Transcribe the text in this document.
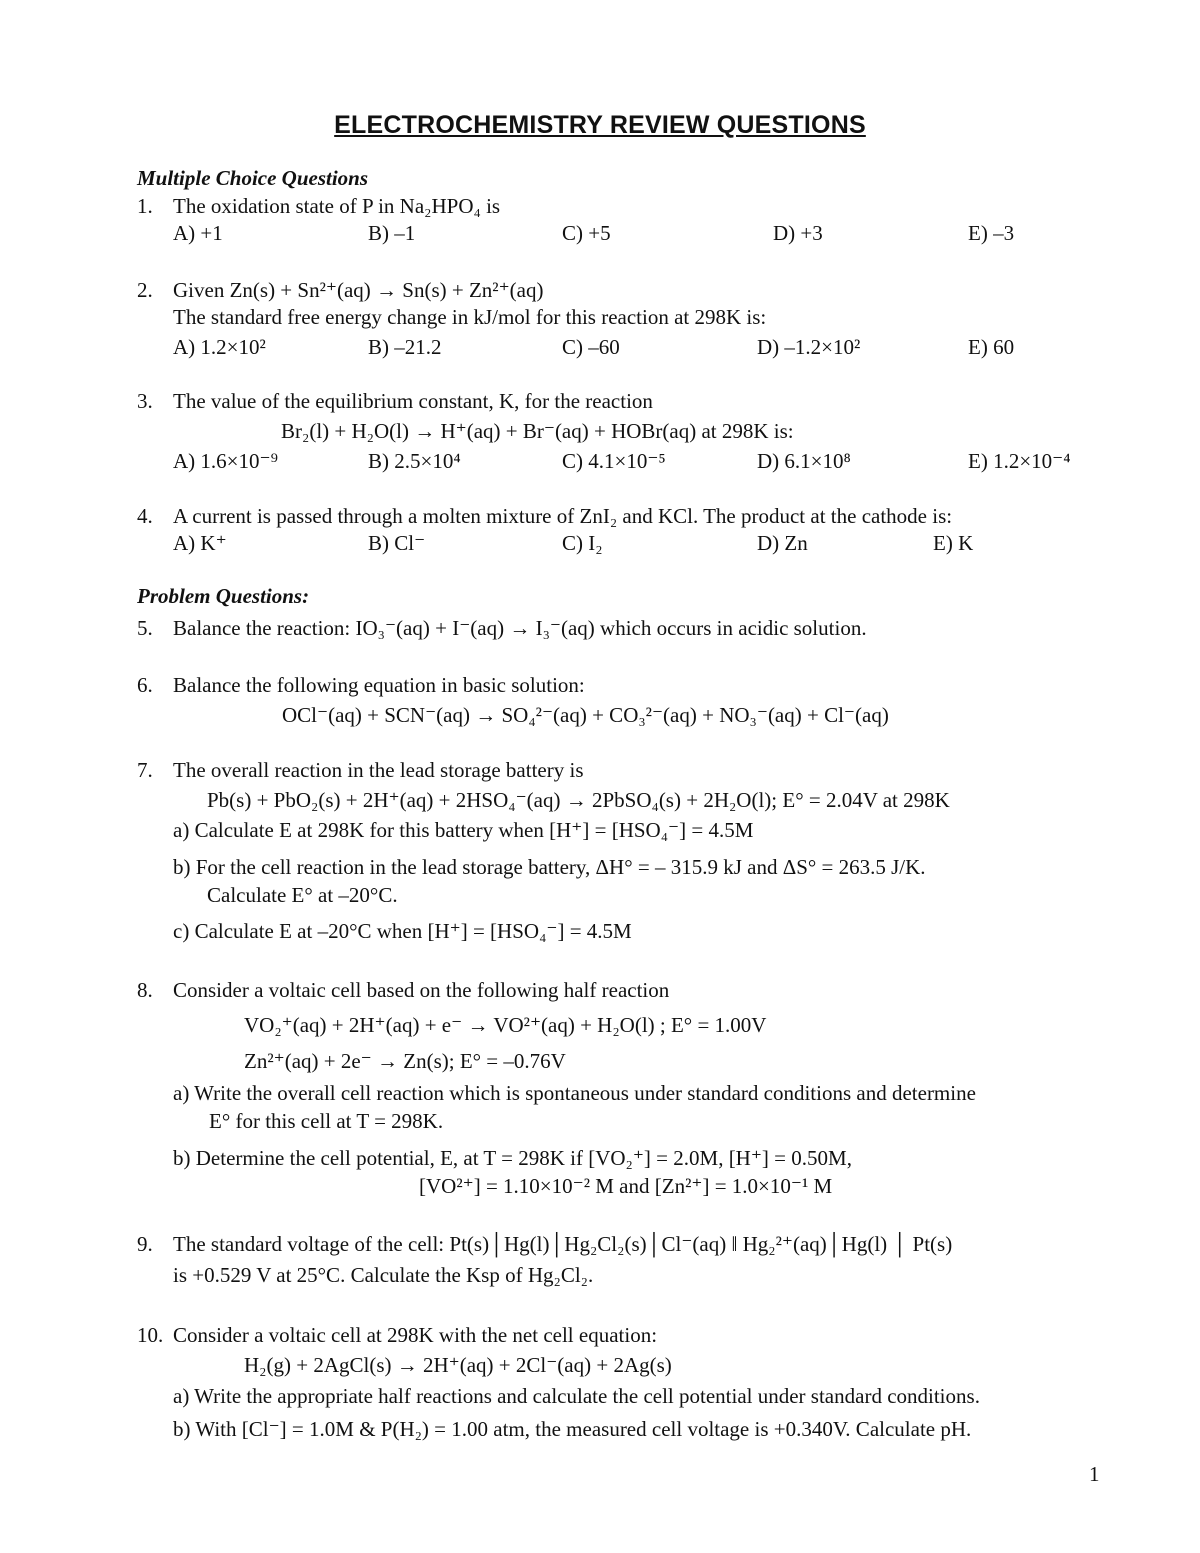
ELECTROCHEMISTRY REVIEW QUESTIONS
Multiple Choice Questions
1. The oxidation state of P in Na₂HPO₄ is
A) +1	B) –1	C) +5	D) +3	E) –3
2. Given Zn(s) + Sn²⁺(aq) → Sn(s) + Zn²⁺(aq)
The standard free energy change in kJ/mol for this reaction at 298K is:
A) 1.2×10²	B) –21.2	C) –60	D) –1.2×10²	E) 60
3. The value of the equilibrium constant, K, for the reaction
Br₂(l) + H₂O(l) → H⁺(aq) + Br⁻(aq) + HOBr(aq) at 298K is:
A) 1.6×10⁻⁹	B) 2.5×10⁴	C) 4.1×10⁻⁵	D) 6.1×10⁸	E) 1.2×10⁻⁴
4. A current is passed through a molten mixture of ZnI₂ and KCl. The product at the cathode is:
A) K⁺	B) Cl⁻	C) I₂	D) Zn	E) K
Problem Questions:
5. Balance the reaction: IO₃⁻(aq) + I⁻(aq) → I₃⁻(aq) which occurs in acidic solution.
6. Balance the following equation in basic solution:
OCl⁻(aq) + SCN⁻(aq) → SO₄²⁻(aq) + CO₃²⁻(aq) + NO₃⁻(aq) + Cl⁻(aq)
7. The overall reaction in the lead storage battery is
Pb(s) + PbO₂(s) + 2H⁺(aq) + 2HSO₄⁻(aq) → 2PbSO₄(s) + 2H₂O(l); E° = 2.04V at 298K
a) Calculate E at 298K for this battery when [H⁺] = [HSO₄⁻] = 4.5M
b) For the cell reaction in the lead storage battery, ΔH° = – 315.9 kJ and ΔS° = 263.5 J/K.
Calculate E° at –20°C.
c) Calculate E at –20°C when [H⁺] = [HSO₄⁻] = 4.5M
8. Consider a voltaic cell based on the following half reaction
VO₂⁺(aq) + 2H⁺(aq) + e⁻ → VO²⁺(aq) + H₂O(l) ; E° = 1.00V
Zn²⁺(aq) + 2e⁻ → Zn(s); E° = –0.76V
a) Write the overall cell reaction which is spontaneous under standard conditions and determine
E° for this cell at T = 298K.
b) Determine the cell potential, E, at T = 298K if [VO₂⁺] = 2.0M, [H⁺] = 0.50M,
[VO²⁺] = 1.10×10⁻² M and [Zn²⁺] = 1.0×10⁻¹ M
9. The standard voltage of the cell: Pt(s)│Hg(l)│Hg₂Cl₂(s)│Cl⁻(aq) ‖ Hg₂²⁺(aq)│Hg(l) │ Pt(s)
is +0.529 V at 25°C. Calculate the Ksp of Hg₂Cl₂.
10. Consider a voltaic cell at 298K with the net cell equation:
H₂(g) + 2AgCl(s) → 2H⁺(aq) + 2Cl⁻(aq) + 2Ag(s)
a) Write the appropriate half reactions and calculate the cell potential under standard conditions.
b) With [Cl⁻] = 1.0M & P(H₂) = 1.00 atm, the measured cell voltage is +0.340V. Calculate pH.
1
